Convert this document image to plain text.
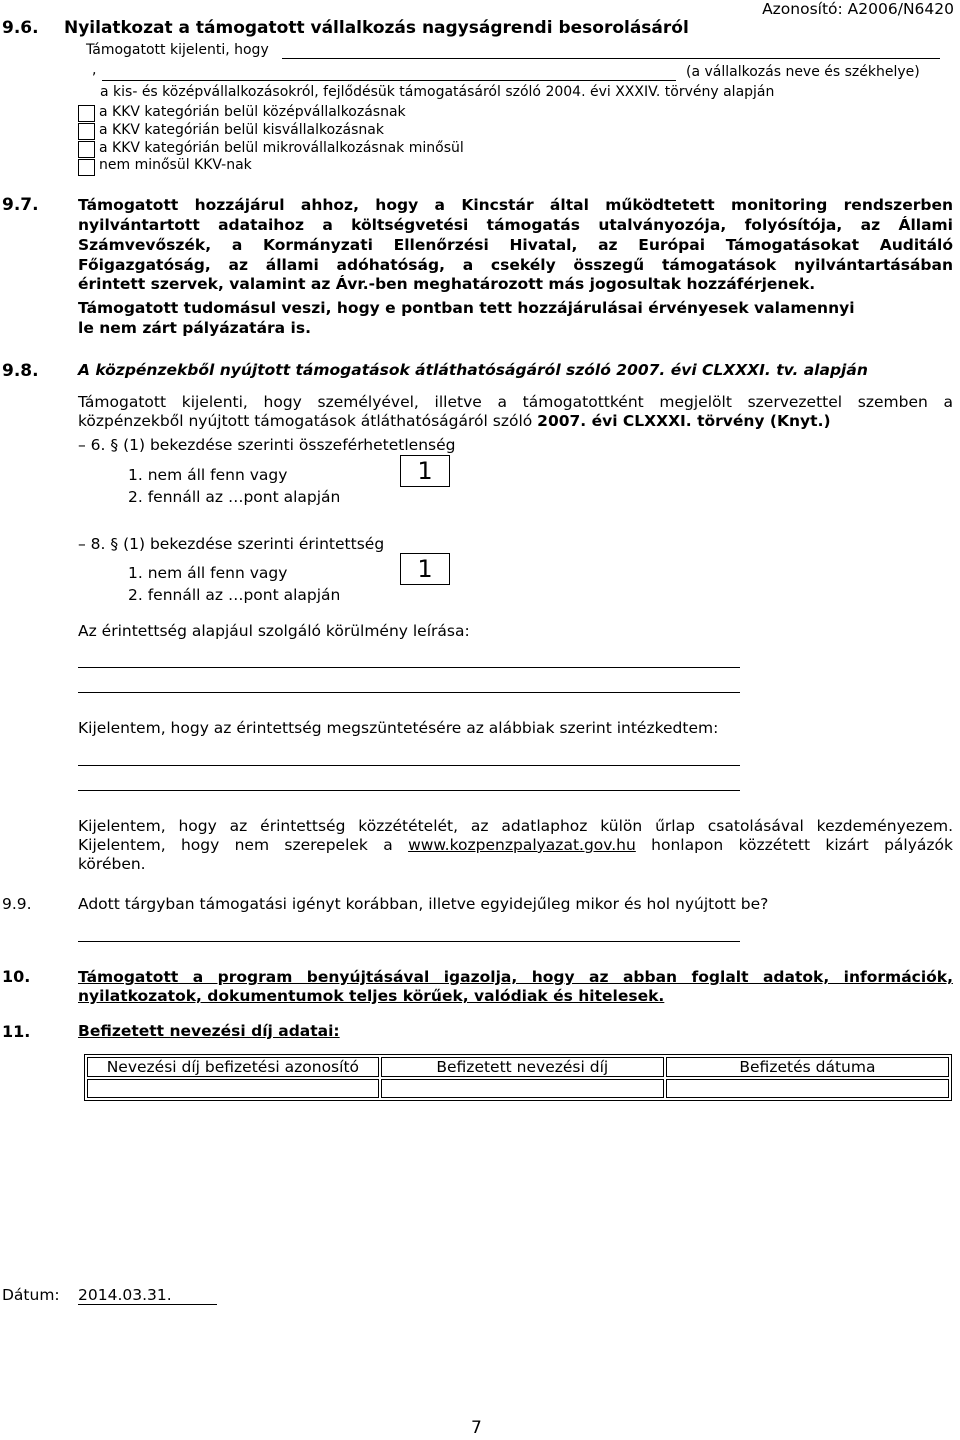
9.6. Nyilatkozat a támogatott vállalkozás nagyságrendi besorolásáról
Azonosító: A2006/N6420
Támogatott kijelenti, hogy
,	(a vállalkozás neve és székhelye)
a kis- és középvállalkozásokról, fejlődésük támogatásáról szóló 2004. évi XXXIV. törvény alapján
a KKV kategórián belül középvállalkozásnak
a KKV kategórián belül kisvállalkozásnak
a KKV kategórián belül mikrovállalkozásnak minősül
nem minősül KKV-nak
9.7.	Támogatott hozzájárul ahhoz, hogy a Kincstár által működtetett monitoring rendszerben
nyilvántartott adataihoz a költségvetési támogatás utalványozója, folyósítója, az Állami
Számvevőszék, a Kormányzati Ellenőrzési Hivatal, az Európai Támogatásokat Auditáló
Főigazgatóság, az állami adóhatóság, a csekély összegű támogatások nyilvántartásában
érintett szervek, valamint az Ávr.-ben meghatározott más jogosultak hozzáférjenek.
Támogatott tudomásul veszi, hogy e pontban tett hozzájárulásai érvényesek valamennyi
le nem zárt pályázatára is.
9.8.	A közpénzekből nyújtott támogatások átláthatóságáról szóló 2007. évi CLXXXI. tv. alapján
Támogatott kijelenti, hogy személyével, illetve a támogatottként megjelölt szervezettel szemben a
közpénzekből nyújtott támogatások átláthatóságáról szóló 2007. évi CLXXXI. törvény (Knyt.)
– 6. § (1) bekezdése szerinti összeférhetetlenség
1. nem áll fenn vagy
2. fennáll az …pont alapján
1
– 8. § (1) bekezdése szerinti érintettség
1. nem áll fenn vagy
2. fennáll az …pont alapján
1
Az érintettség alapjául szolgáló körülmény leírása:
Kijelentem, hogy az érintettség megszüntetésére az alábbiak szerint intézkedtem:
Kijelentem, hogy az érintettség közzétételét, az adatlaphoz külön űrlap csatolásával kezdeményezem.
Kijelentem, hogy nem szerepelek a www.kozpenzpalyazat.gov.hu honlapon közzétett kizárt pályázók
körében.
9.9.	Adott tárgyban támogatási igényt korábban, illetve egyidejűleg mikor és hol nyújtott be?
10.	Támogatott a program benyújtásával igazolja, hogy az abban foglalt adatok, információk,
nyilatkozatok, dokumentumok teljes körűek, valódiak és hitelesek.
11.	Befizetett nevezési díj adatai:
Nevezési díj befizetési azonosító	Befizetett nevezési díj	Befizetés dátuma

Dátum: 2014.03.31.
7
